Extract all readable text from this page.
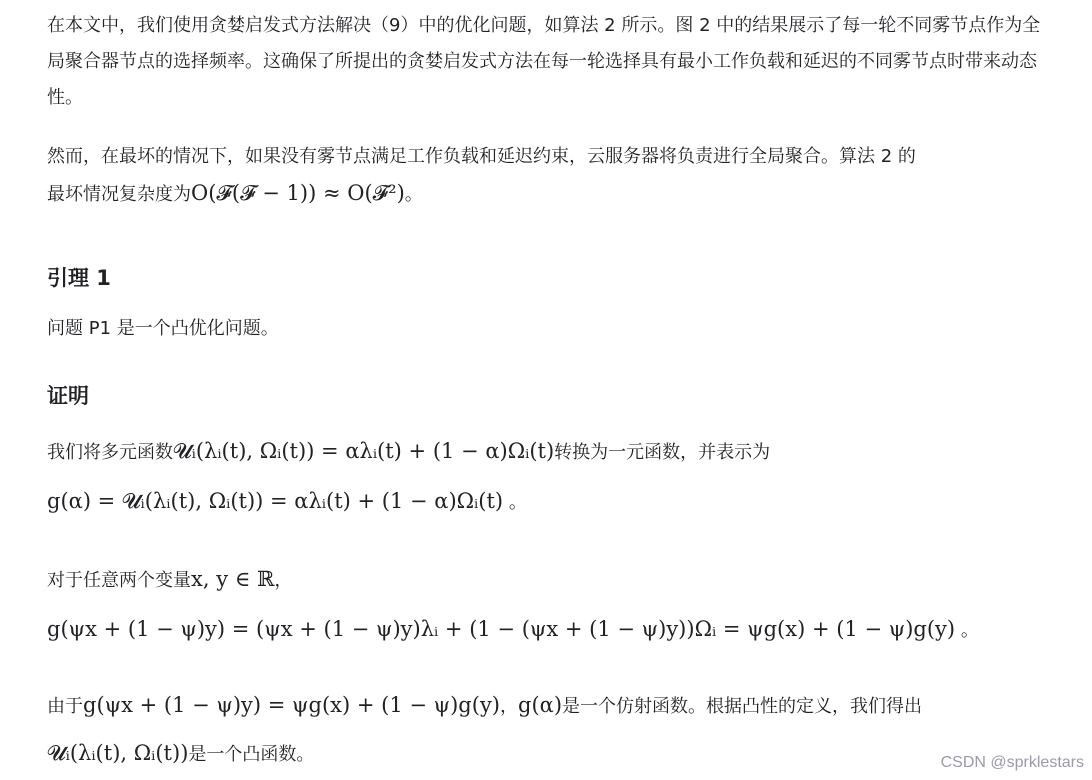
在本文中，我们使用贪婪启发式方法解决（9）中的优化问题，如算法 2 所示。图 2 中的结果展示了每一轮不同雾节点作为全局聚合器节点的选择频率。这确保了所提出的贪婪启发式方法在每一轮选择具有最小工作负载和延迟的不同雾节点时带来动态性。

然而，在最坏的情况下，如果没有雾节点满足工作负载和延迟约束，云服务器将负责进行全局聚合。算法 2 的
最坏情况复杂度为O(𝓕(𝓕 − 1)) ≈ O(𝓕²)。
引理 1
问题 P1 是一个凸优化问题。
证明
我们将多元函数𝓤ᵢ(λᵢ(t), Ωᵢ(t)) = αλᵢ(t) + (1 − α)Ωᵢ(t)转换为一元函数，并表示为
g(α) = 𝓤ᵢ(λᵢ(t), Ωᵢ(t)) = αλᵢ(t) + (1 − α)Ωᵢ(t) 。
对于任意两个变量x, y ∈ ℝ，
g(ψx + (1 − ψ)y) = (ψx + (1 − ψ)y)λᵢ + (1 − (ψx + (1 − ψ)y))Ωᵢ = ψg(x) + (1 − ψ)g(y) 。
由于g(ψx + (1 − ψ)y) = ψg(x) + (1 − ψ)g(y)，g(α)是一个仿射函数。根据凸性的定义，我们得出
𝓤ᵢ(λᵢ(t), Ωᵢ(t))是一个凸函数。	CSDN @sprklestars
